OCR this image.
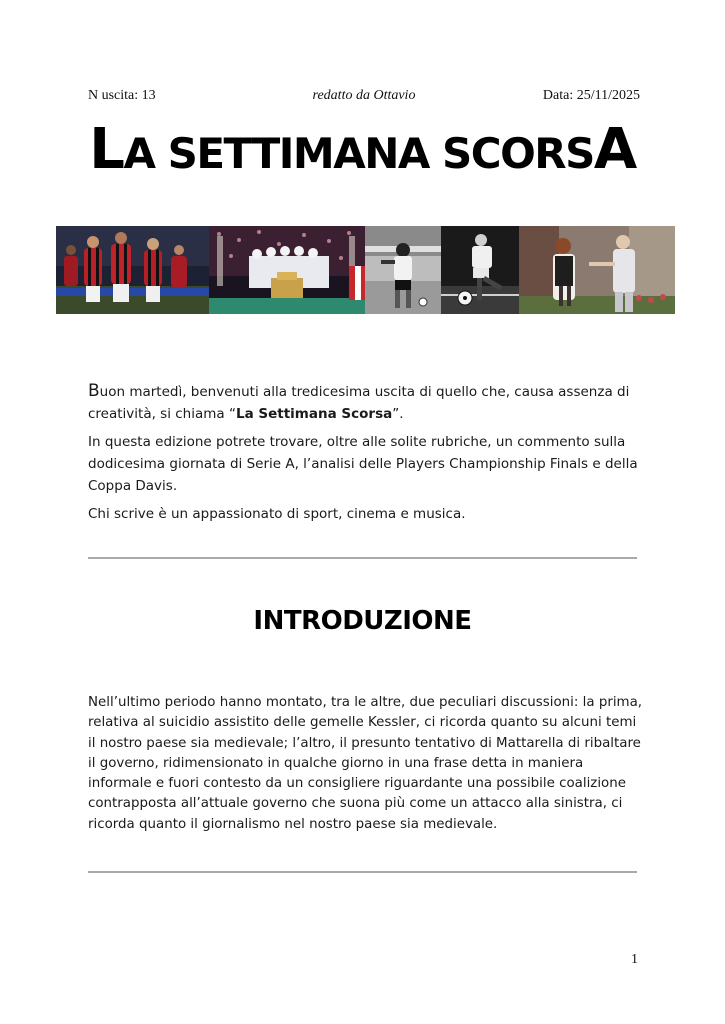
N uscita: 13	redatto da Ottavio	Data: 25/11/2025
LA SETTIMANA SCORSA

Buon martedì, benvenuti alla tredicesima uscita di quello che, causa assenza di creatività, si chiama “La Settimana Scorsa”.

In questa edizione potrete trovare, oltre alle solite rubriche, un commento sulla dodicesima giornata di Serie A, l’analisi delle Players Championship Finals e della Coppa Davis.

Chi scrive è un appassionato di sport, cinema e musica.

INTRODUZIONE
Nell’ultimo periodo hanno montato, tra le altre, due peculiari discussioni: la prima, relativa al suicidio assistito delle gemelle Kessler, ci ricorda quanto su alcuni temi il nostro paese sia medievale; l’altro, il presunto tentativo di Mattarella di ribaltare il governo, ridimensionato in qualche giorno in una frase detta in maniera informale e fuori contesto da un consigliere riguardante una possibile coalizione contrapposta all’attuale governo che suona più come un attacco alla sinistra, ci ricorda quanto il giornalismo nel nostro paese sia medievale.
1
